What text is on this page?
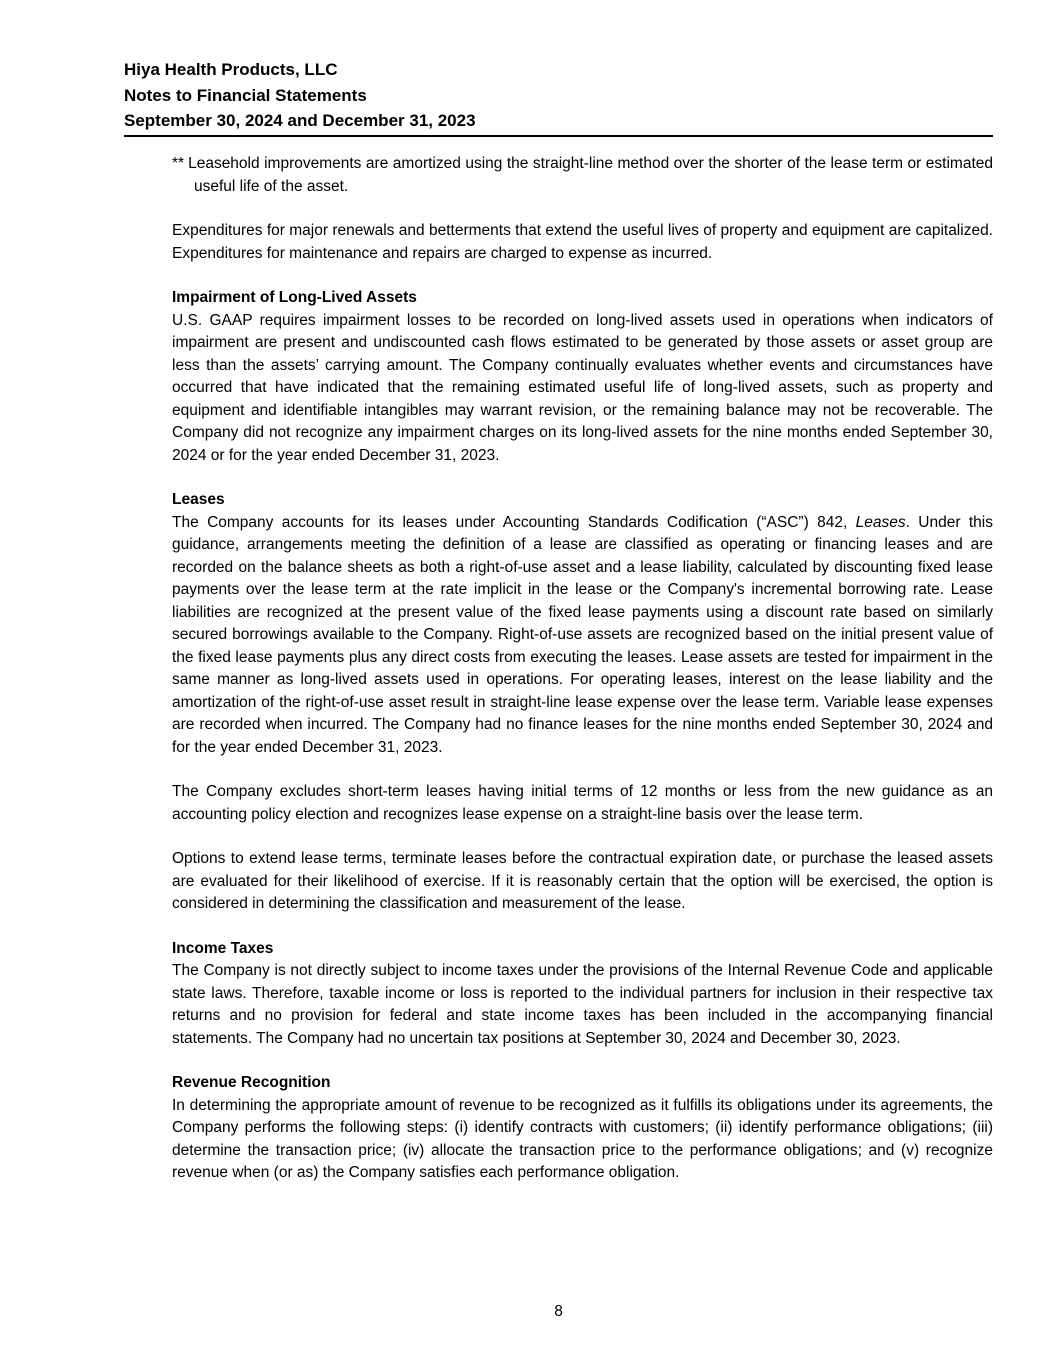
Hiya Health Products, LLC
Notes to Financial Statements
September 30, 2024 and December 31, 2023

** Leasehold improvements are amortized using the straight-line method over the shorter of the lease term or estimated useful life of the asset.

Expenditures for major renewals and betterments that extend the useful lives of property and equipment are capitalized. Expenditures for maintenance and repairs are charged to expense as incurred.

Impairment of Long-Lived Assets

U.S. GAAP requires impairment losses to be recorded on long-lived assets used in operations when indicators of impairment are present and undiscounted cash flows estimated to be generated by those assets or asset group are less than the assets’ carrying amount. The Company continually evaluates whether events and circumstances have occurred that have indicated that the remaining estimated useful life of long-lived assets, such as property and equipment and identifiable intangibles may warrant revision, or the remaining balance may not be recoverable. The Company did not recognize any impairment charges on its long-lived assets for the nine months ended September 30, 2024 or for the year ended December 31, 2023.

Leases

The Company accounts for its leases under Accounting Standards Codification (“ASC”) 842, Leases. Under this guidance, arrangements meeting the definition of a lease are classified as operating or financing leases and are recorded on the balance sheets as both a right-of-use asset and a lease liability, calculated by discounting fixed lease payments over the lease term at the rate implicit in the lease or the Company's incremental borrowing rate. Lease liabilities are recognized at the present value of the fixed lease payments using a discount rate based on similarly secured borrowings available to the Company. Right-of-use assets are recognized based on the initial present value of the fixed lease payments plus any direct costs from executing the leases. Lease assets are tested for impairment in the same manner as long-lived assets used in operations. For operating leases, interest on the lease liability and the amortization of the right-of-use asset result in straight-line lease expense over the lease term. Variable lease expenses are recorded when incurred. The Company had no finance leases for the nine months ended September 30, 2024 and for the year ended December 31, 2023.

The Company excludes short-term leases having initial terms of 12 months or less from the new guidance as an accounting policy election and recognizes lease expense on a straight-line basis over the lease term.

Options to extend lease terms, terminate leases before the contractual expiration date, or purchase the leased assets are evaluated for their likelihood of exercise. If it is reasonably certain that the option will be exercised, the option is considered in determining the classification and measurement of the lease.

Income Taxes

The Company is not directly subject to income taxes under the provisions of the Internal Revenue Code and applicable state laws. Therefore, taxable income or loss is reported to the individual partners for inclusion in their respective tax returns and no provision for federal and state income taxes has been included in the accompanying financial statements. The Company had no uncertain tax positions at September 30, 2024 and December 30, 2023.

Revenue Recognition

In determining the appropriate amount of revenue to be recognized as it fulfills its obligations under its agreements, the Company performs the following steps: (i) identify contracts with customers; (ii) identify performance obligations; (iii) determine the transaction price; (iv) allocate the transaction price to the performance obligations; and (v) recognize revenue when (or as) the Company satisfies each performance obligation.

8
